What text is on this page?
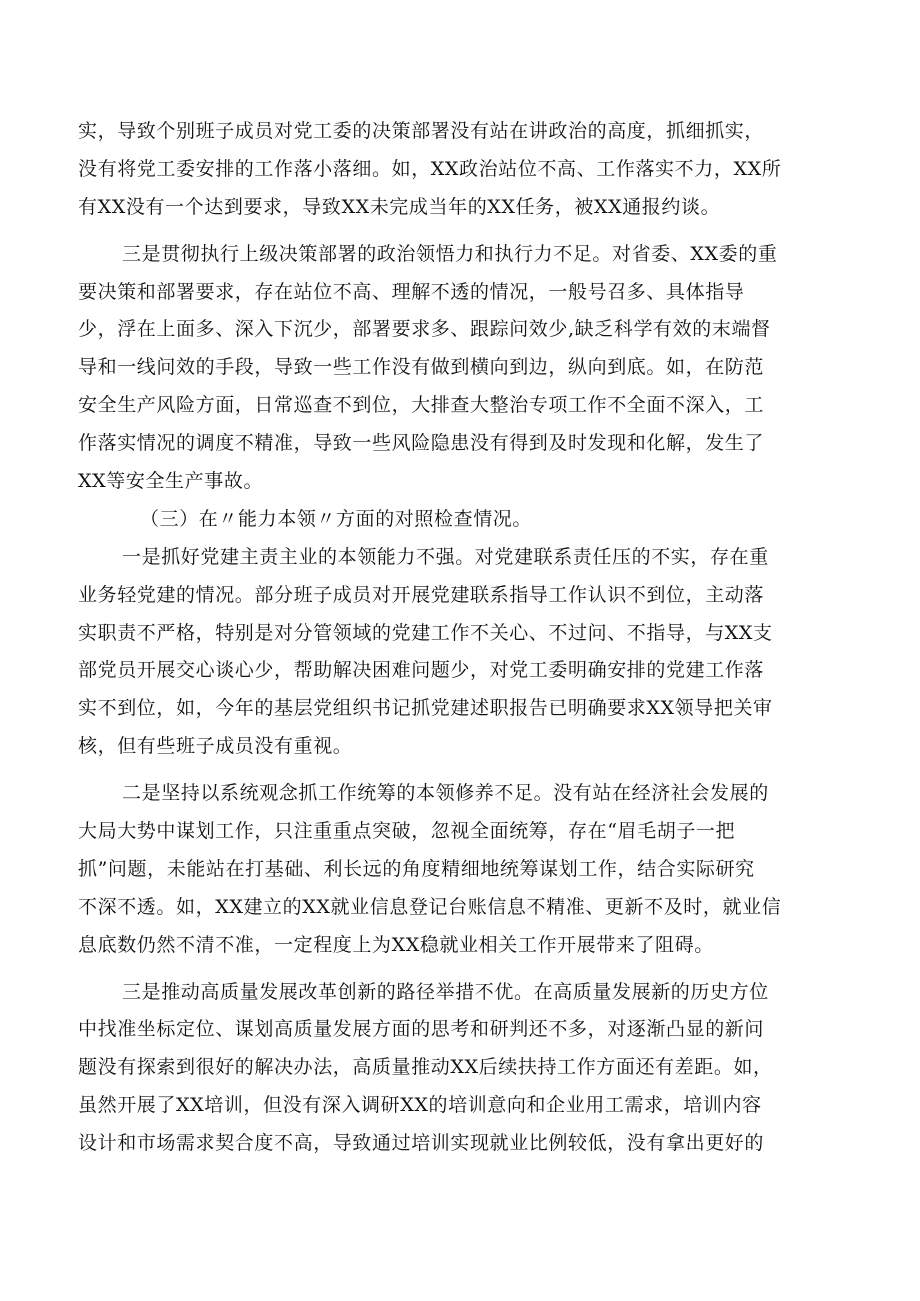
实，导致个别班子成员对党工委的决策部署没有站在讲政治的高度，抓细抓实，
没有将党工委安排的工作落小落细。如，XX政治站位不高、工作落实不力，XX所
有XX没有一个达到要求，导致XX未完成当年的XX任务，被XX通报约谈。
三是贯彻执行上级决策部署的政治领悟力和执行力不足。对省委、XX委的重
要决策和部署要求，存在站位不高、理解不透的情况，一般号召多、具体指导
少，浮在上面多、深入下沉少，部署要求多、跟踪问效少,缺乏科学有效的末端督
导和一线问效的手段，导致一些工作没有做到横向到边，纵向到底。如，在防范
安全生产风险方面，日常巡查不到位，大排查大整治专项工作不全面不深入，工
作落实情况的调度不精准，导致一些风险隐患没有得到及时发现和化解，发生了
XX等安全生产事故。
（三）在〃能力本领〃方面的对照检查情况。
一是抓好党建主责主业的本领能力不强。对党建联系责任压的不实，存在重
业务轻党建的情况。部分班子成员对开展党建联系指导工作认识不到位，主动落
实职责不严格，特别是对分管领域的党建工作不关心、不过问、不指导，与XX支
部党员开展交心谈心少，帮助解决困难问题少，对党工委明确安排的党建工作落
实不到位，如，今年的基层党组织书记抓党建述职报告已明确要求XX领导把关审
核，但有些班子成员没有重视。
二是坚持以系统观念抓工作统筹的本领修养不足。没有站在经济社会发展的
大局大势中谋划工作，只注重重点突破，忽视全面统筹，存在“眉毛胡子一把
抓”问题，未能站在打基础、利长远的角度精细地统筹谋划工作，结合实际研究
不深不透。如，XX建立的XX就业信息登记台账信息不精准、更新不及时，就业信
息底数仍然不清不准，一定程度上为XX稳就业相关工作开展带来了阻碍。
三是推动高质量发展改革创新的路径举措不优。在高质量发展新的历史方位
中找准坐标定位、谋划高质量发展方面的思考和研判还不多，对逐渐凸显的新问
题没有探索到很好的解决办法，高质量推动XX后续扶持工作方面还有差距。如，
虽然开展了XX培训，但没有深入调研XX的培训意向和企业用工需求，培训内容
设计和市场需求契合度不高，导致通过培训实现就业比例较低，没有拿出更好的
